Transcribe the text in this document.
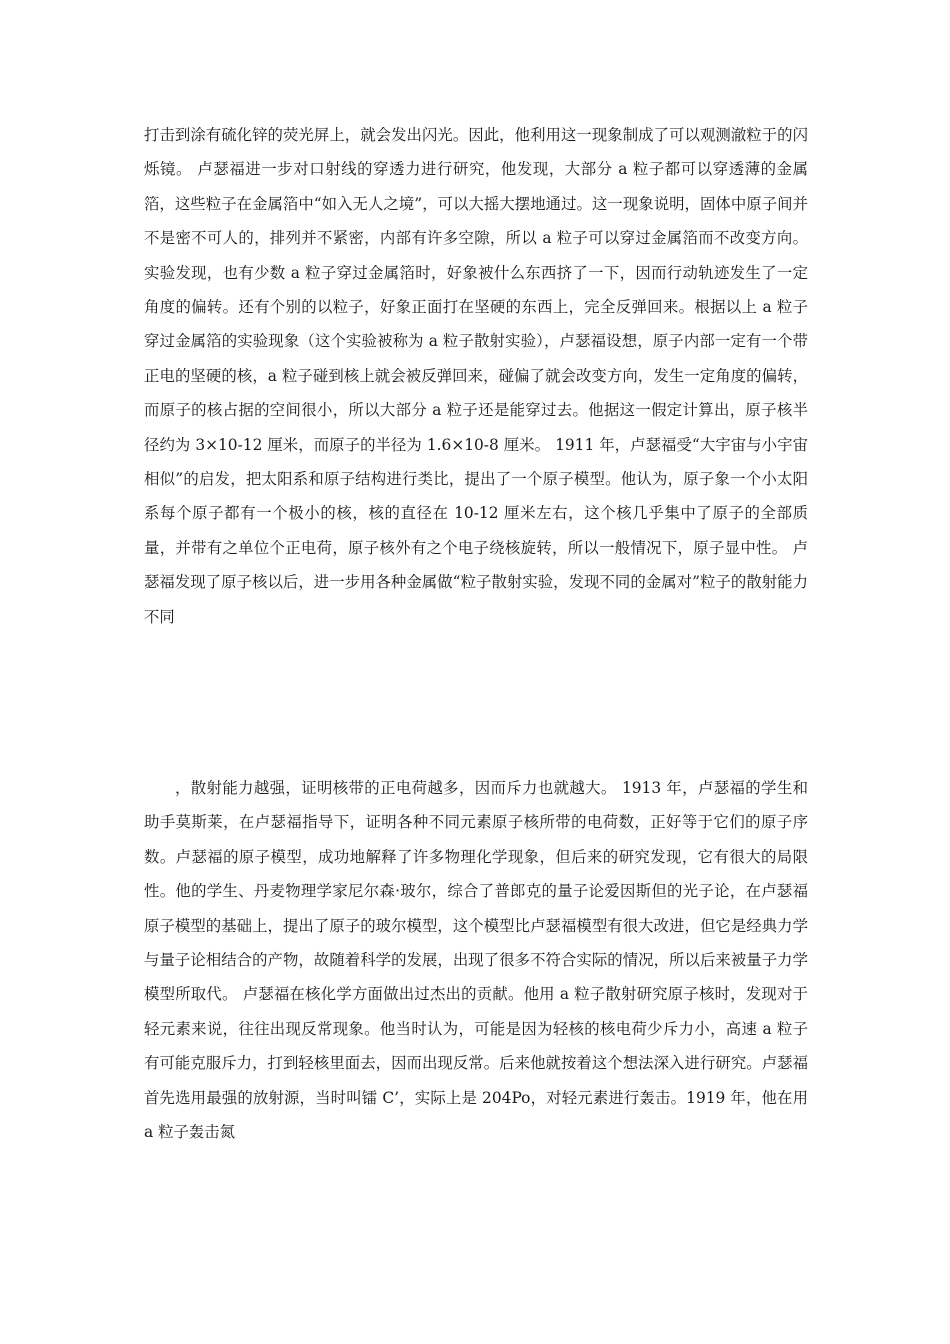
打击到涂有硫化锌的荧光屏上，就会发出闪光。因此，他利用这一现象制成了可以观测澈粒于的闪烁镜。 卢瑟福进一步对口射线的穿透力进行研究，他发现，大部分 a 粒子都可以穿透薄的金属箔，这些粒子在金属箔中“如入无人之境”，可以大摇大摆地通过。这一现象说明，固体中原子间并不是密不可人的，排列并不紧密，内部有许多空隙，所以 a 粒子可以穿过金属箔而不改变方向。 实验发现，也有少数 a 粒子穿过金属箔时，好象被什么东西挤了一下，因而行动轨迹发生了一定角度的偏转。还有个别的以粒子，好象正面打在坚硬的东西上，完全反弹回来。根据以上 a 粒子穿过金属箔的实验现象（这个实验被称为 a 粒子散射实验），卢瑟福设想，原子内部一定有一个带正电的坚硬的核，a 粒子碰到核上就会被反弹回来，碰偏了就会改变方向，发生一定角度的偏转，而原子的核占据的空间很小，所以大部分 a 粒子还是能穿过去。他据这一假定计算出，原子核半径约为 3×10-12 厘米，而原子的半径为 1.6×10-8 厘米。 1911 年，卢瑟福受“大宇宙与小宇宙相似”的启发，把太阳系和原子结构进行类比，提出了一个原子模型。他认为，原子象一个小太阳系每个原子都有一个极小的核，核的直径在 10-12 厘米左右，这个核几乎集中了原子的全部质量，并带有之单位个正电荷，原子核外有之个电子绕核旋转，所以一般情况下，原子显中性。 卢瑟福发现了原子核以后，进一步用各种金属做“粒子散射实验，发现不同的金属对”粒子的散射能力不同

，散射能力越强，证明核带的正电荷越多，因而斥力也就越大。 1913 年，卢瑟福的学生和助手莫斯莱，在卢瑟福指导下，证明各种不同元素原子核所带的电荷数，正好等于它们的原子序数。卢瑟福的原子模型，成功地解释了许多物理化学现象，但后来的研究发现，它有很大的局限性。他的学生、丹麦物理学家尼尔森·玻尔，综合了普郎克的量子论爱因斯但的光子论，在卢瑟福原子模型的基础上，提出了原子的玻尔模型，这个模型比卢瑟福模型有很大改进，但它是经典力学与量子论相结合的产物，故随着科学的发展，出现了很多不符合实际的情况，所以后来被量子力学模型所取代。 卢瑟福在核化学方面做出过杰出的贡献。他用 a 粒子散射研究原子核时，发现对于轻元素来说，往往出现反常现象。他当时认为，可能是因为轻核的核电荷少斥力小，高速 a 粒子有可能克服斥力，打到轻核里面去，因而出现反常。后来他就按着这个想法深入进行研究。卢瑟福首先选用最强的放射源，当时叫镭 C’，实际上是 204Po，对轻元素进行轰击。1919 年，他在用 a 粒子轰击氮
